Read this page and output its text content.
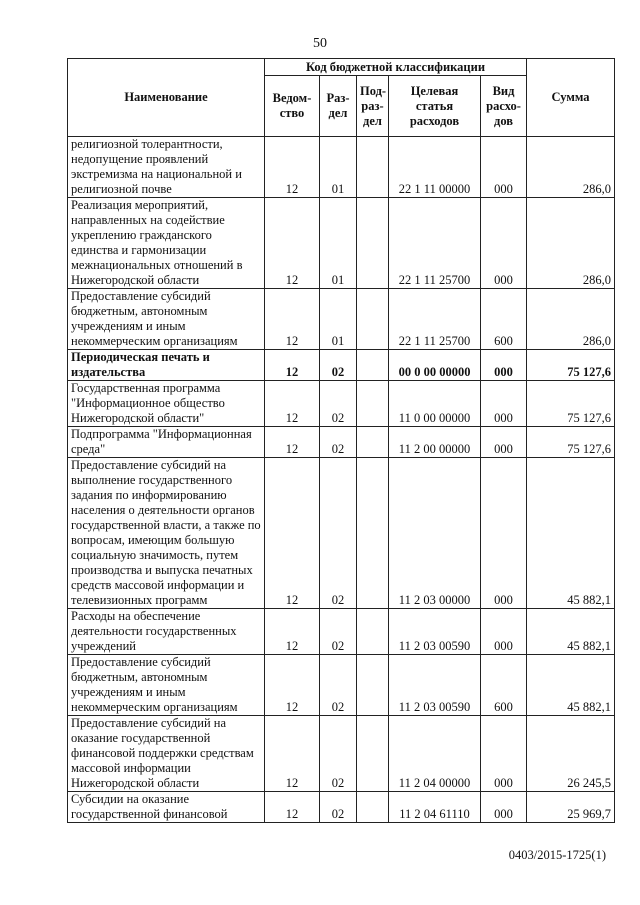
50
Наименование	Код бюджетной классификации					Сумма
	Ведом-ство	Раз-дел	Под-раз-дел	Целевая статья расходов	Вид расхо-дов	
религиозной толерантности, недопущение проявлений экстремизма на национальной и религиозной почве	12	01		22 1 11 00000	000	286,0
Реализация мероприятий, направленных на содействие укреплению гражданского единства и гармонизации межнациональных отношений в Нижегородской области	12	01		22 1 11 25700	000	286,0
Предоставление субсидий бюджетным, автономным учреждениям и иным некоммерческим организациям	12	01		22 1 11 25700	600	286,0
Периодическая печать и издательства	12	02		00 0 00 00000	000	75 127,6
Государственная программа "Информационное общество Нижегородской области"	12	02		11 0 00 00000	000	75 127,6
Подпрограмма "Информационная среда"	12	02		11 2 00 00000	000	75 127,6
Предоставление субсидий на выполнение государственного задания по информированию населения о деятельности органов государственной власти, а также по вопросам, имеющим большую социальную значимость, путем производства и выпуска печатных средств массовой информации и телевизионных программ	12	02		11 2 03 00000	000	45 882,1
Расходы на обеспечение деятельности государственных учреждений	12	02		11 2 03 00590	000	45 882,1
Предоставление субсидий бюджетным, автономным учреждениям и иным некоммерческим организациям	12	02		11 2 03 00590	600	45 882,1
Предоставление субсидий на оказание государственной финансовой поддержки средствам массовой информации Нижегородской области	12	02		11 2 04 00000	000	26 245,5
Субсидии на оказание государственной финансовой	12	02		11 2 04 61110	000	25 969,7
0403/2015-1725(1)
